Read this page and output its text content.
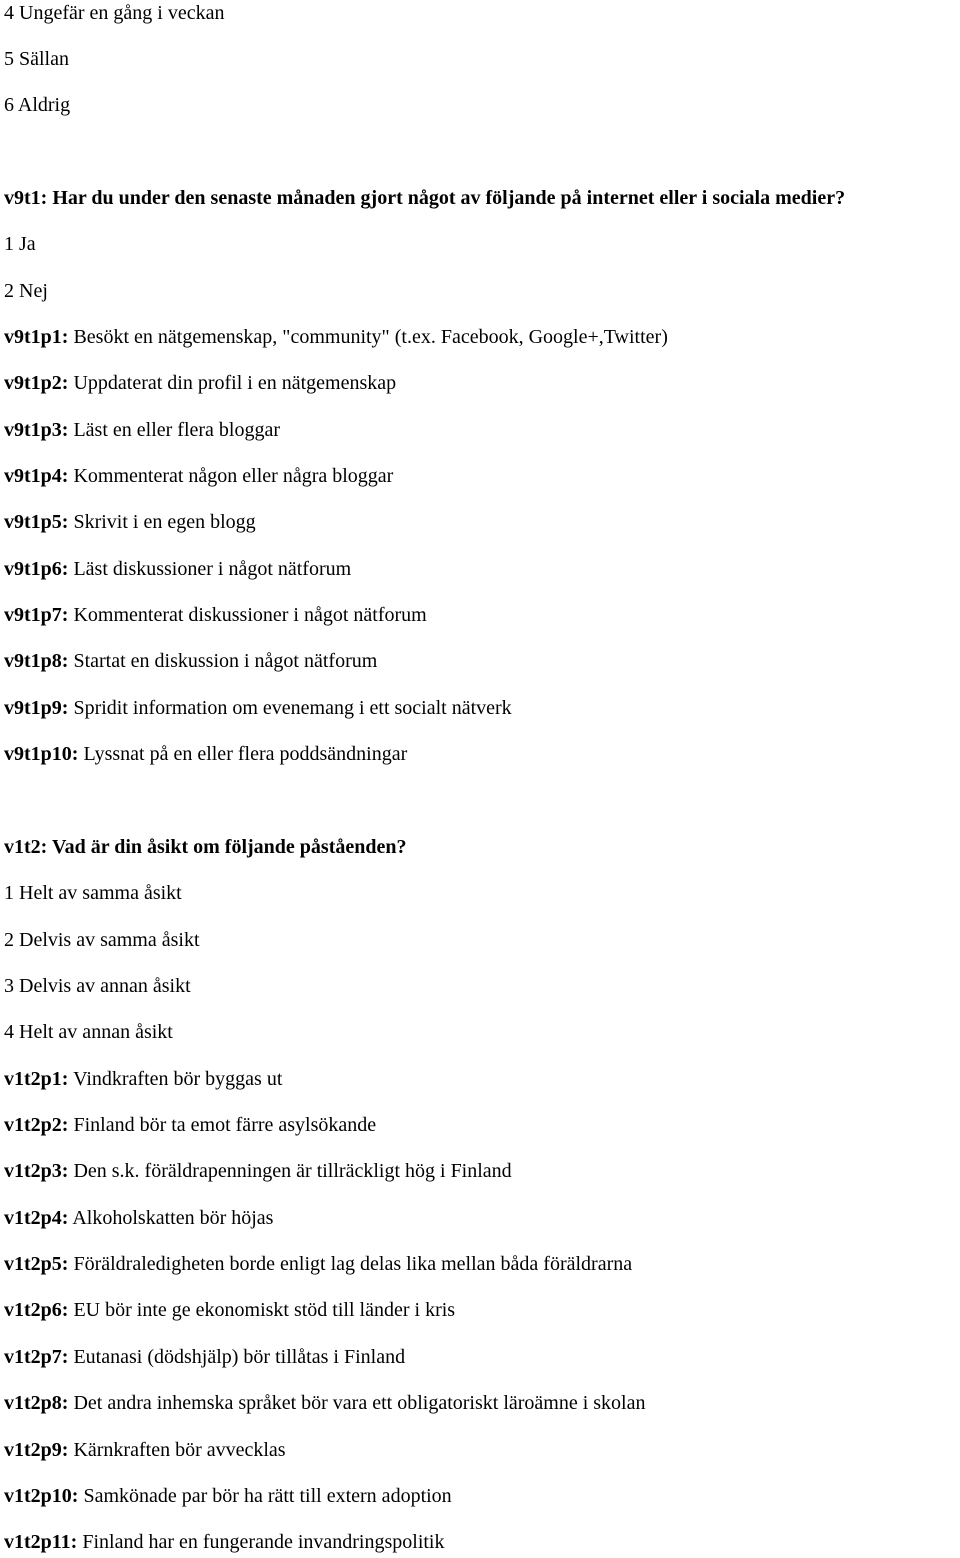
4 Ungefär en gång i veckan
5 Sällan
6 Aldrig
v9t1: Har du under den senaste månaden gjort något av följande på internet eller i sociala medier?
1 Ja
2 Nej
v9t1p1: Besökt en nätgemenskap, "community" (t.ex. Facebook, Google+,Twitter)
v9t1p2: Uppdaterat din profil i en nätgemenskap
v9t1p3: Läst en eller flera bloggar
v9t1p4: Kommenterat någon eller några bloggar
v9t1p5: Skrivit i en egen blogg
v9t1p6: Läst diskussioner i något nätforum
v9t1p7: Kommenterat diskussioner i något nätforum
v9t1p8: Startat en diskussion i något nätforum
v9t1p9: Spridit information om evenemang i ett socialt nätverk
v9t1p10: Lyssnat på en eller flera poddsändningar
v1t2: Vad är din åsikt om följande påståenden?
1 Helt av samma åsikt
2 Delvis av samma åsikt
3 Delvis av annan åsikt
4 Helt av annan åsikt
v1t2p1: Vindkraften bör byggas ut
v1t2p2: Finland bör ta emot färre asylsökande
v1t2p3: Den s.k. föräldrapenningen är tillräckligt hög i Finland
v1t2p4: Alkoholskatten bör höjas
v1t2p5: Föräldraledigheten borde enligt lag delas lika mellan båda föräldrarna
v1t2p6: EU bör inte ge ekonomiskt stöd till länder i kris
v1t2p7: Eutanasi (dödshjälp) bör tillåtas i Finland
v1t2p8: Det andra inhemska språket bör vara ett obligatoriskt läroämne i skolan
v1t2p9: Kärnkraften bör avvecklas
v1t2p10: Samkönade par bör ha rätt till extern adoption
v1t2p11: Finland har en fungerande invandringspolitik
